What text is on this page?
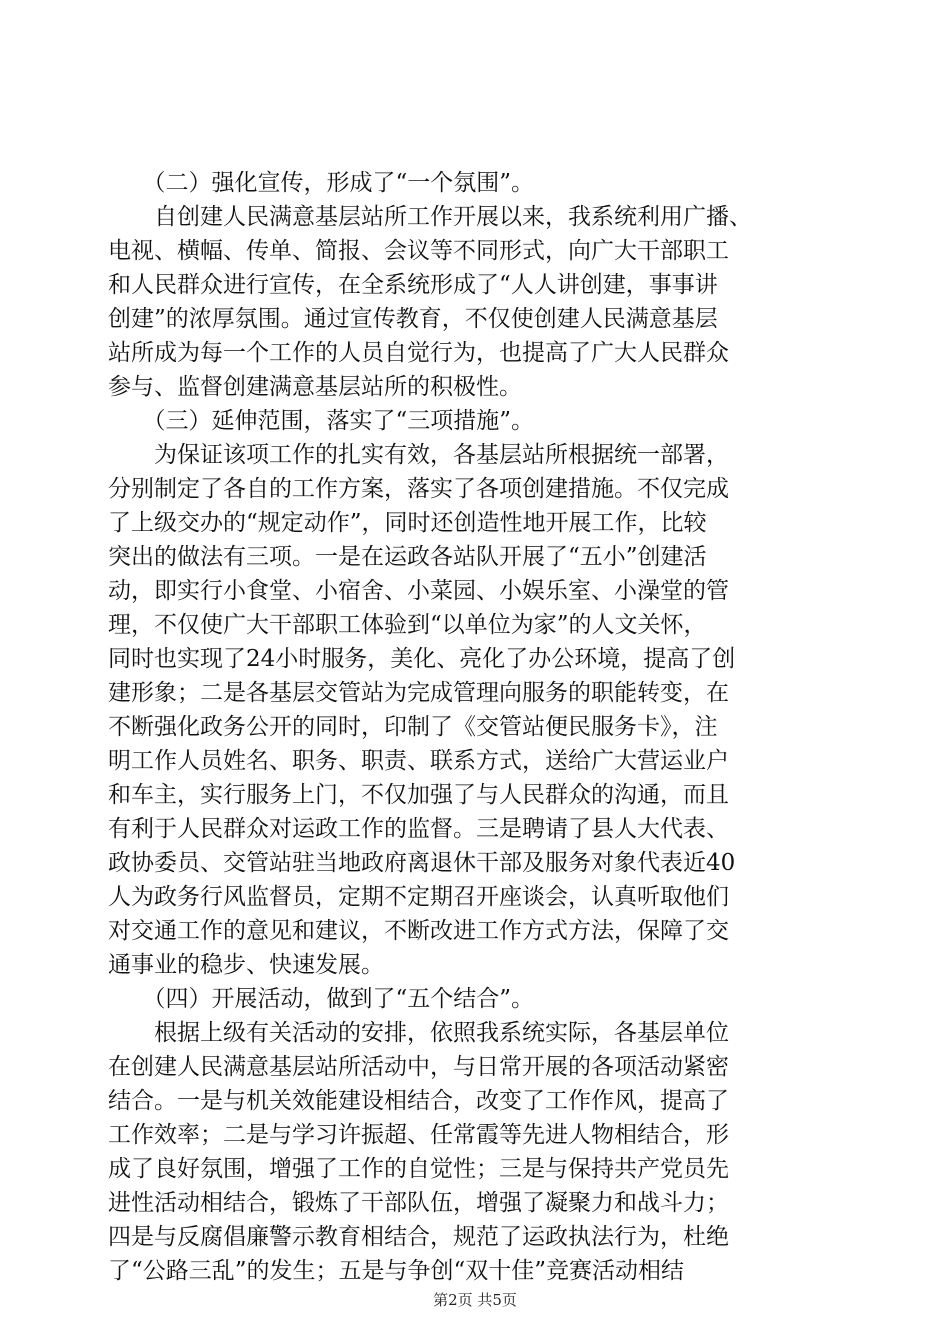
　　（二）强化宣传，形成了“一个氛围”。
　　自创建人民满意基层站所工作开展以来，我系统利用广播、
电视、横幅、传单、简报、会议等不同形式，向广大干部职工
和人民群众进行宣传，在全系统形成了“人人讲创建，事事讲
创建”的浓厚氛围。通过宣传教育，不仅使创建人民满意基层
站所成为每一个工作的人员自觉行为，也提高了广大人民群众
参与、监督创建满意基层站所的积极性。
　　（三）延伸范围，落实了“三项措施”。
　　为保证该项工作的扎实有效，各基层站所根据统一部署，
分别制定了各自的工作方案，落实了各项创建措施。不仅完成
了上级交办的“规定动作”，同时还创造性地开展工作，比较
突出的做法有三项。一是在运政各站队开展了“五小”创建活
动，即实行小食堂、小宿舍、小菜园、小娱乐室、小澡堂的管
理，不仅使广大干部职工体验到“以单位为家”的人文关怀，
同时也实现了24小时服务，美化、亮化了办公环境，提高了创
建形象；二是各基层交管站为完成管理向服务的职能转变，在
不断强化政务公开的同时，印制了《交管站便民服务卡》，注
明工作人员姓名、职务、职责、联系方式，送给广大营运业户
和车主，实行服务上门，不仅加强了与人民群众的沟通，而且
有利于人民群众对运政工作的监督。三是聘请了县人大代表、
政协委员、交管站驻当地政府离退休干部及服务对象代表近40
人为政务行风监督员，定期不定期召开座谈会，认真听取他们
对交通工作的意见和建议，不断改进工作方式方法，保障了交
通事业的稳步、快速发展。
　　（四）开展活动，做到了“五个结合”。
　　根据上级有关活动的安排，依照我系统实际，各基层单位
在创建人民满意基层站所活动中，与日常开展的各项活动紧密
结合。一是与机关效能建设相结合，改变了工作作风，提高了
工作效率；二是与学习许振超、任常霞等先进人物相结合，形
成了良好氛围，增强了工作的自觉性；三是与保持共产党员先
进性活动相结合，锻炼了干部队伍，增强了凝聚力和战斗力；
四是与反腐倡廉警示教育相结合，规范了运政执法行为，杜绝
了“公路三乱”的发生；五是与争创“双十佳”竞赛活动相结
第2页 共5页
